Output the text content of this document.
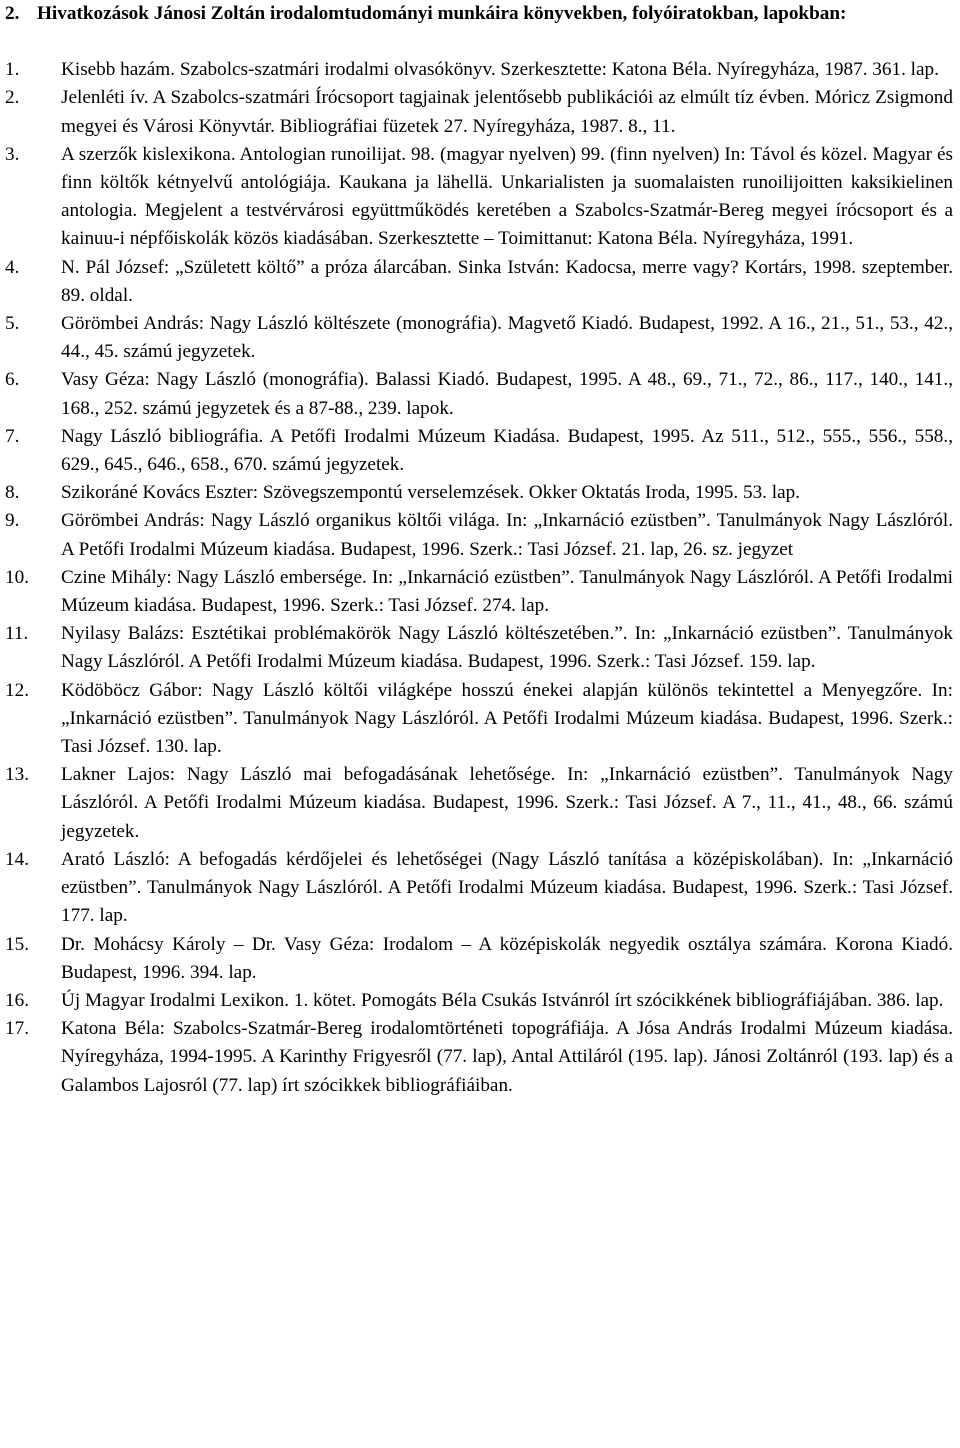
2. Hivatkozások Jánosi Zoltán irodalomtudományi munkáira könyvekben, folyóiratokban, lapokban:
1.	Kisebb hazám. Szabolcs-szatmári irodalmi olvasókönyv. Szerkesztette: Katona Béla. Nyíregyháza, 1987. 361. lap.
2.	Jelenléti ív. A Szabolcs-szatmári Írócsoport tagjainak jelentősebb publikációi az elmúlt tíz évben. Móricz Zsigmond megyei és Városi Könyvtár. Bibliográfiai füzetek 27. Nyíregyháza, 1987. 8., 11.
3.	A szerzők kislexikona. Antologian runoilijat. 98. (magyar nyelven) 99. (finn nyelven) In: Távol és közel. Magyar és finn költők kétnyelvű antológiája. Kaukana ja lähellä. Unkarialisten ja suomalaisten runoilijoitten kaksikielinen antologia. Megjelent a testvérvárosi együttműködés keretében a Szabolcs-Szatmár-Bereg megyei írócsoport és a kainuu-i népfőiskolák közös kiadásában. Szerkesztette – Toimittanut: Katona Béla. Nyíregyháza, 1991.
4.	N. Pál József: „Született költő” a próza álarcában. Sinka István: Kadocsa, merre vagy? Kortárs, 1998. szeptember. 89. oldal.
5.	Görömbei András: Nagy László költészete (monográfia). Magvető Kiadó. Budapest, 1992. A 16., 21., 51., 53., 42., 44., 45. számú jegyzetek.
6.	Vasy Géza: Nagy László (monográfia). Balassi Kiadó. Budapest, 1995. A 48., 69., 71., 72., 86., 117., 140., 141., 168., 252. számú jegyzetek és a 87-88., 239. lapok.
7.	Nagy László bibliográfia. A Petőfi Irodalmi Múzeum Kiadása. Budapest, 1995. Az 511., 512., 555., 556., 558., 629., 645., 646., 658., 670. számú jegyzetek.
8.	Szikoráné Kovács Eszter: Szövegszempontú verselemzések. Okker Oktatás Iroda, 1995. 53. lap.
9.	Görömbei András: Nagy László organikus költői világa. In: „Inkarnáció ezüstben”. Tanulmányok Nagy Lászlóról. A Petőfi Irodalmi Múzeum kiadása. Budapest, 1996. Szerk.: Tasi József. 21. lap, 26. sz. jegyzet
10.	Czine Mihály: Nagy László embersége. In: „Inkarnáció ezüstben”. Tanulmányok Nagy Lászlóról. A Petőfi Irodalmi Múzeum kiadása. Budapest, 1996. Szerk.: Tasi József. 274. lap.
11.	Nyilasy Balázs: Esztétikai problémakörök Nagy László költészetében.”. In: „Inkarnáció ezüstben”. Tanulmányok Nagy Lászlóról. A Petőfi Irodalmi Múzeum kiadása. Budapest, 1996. Szerk.: Tasi József. 159. lap.
12.	Ködöböcz Gábor: Nagy László költői világképe hosszú énekei alapján különös tekintettel a Menyegzőre. In: „Inkarnáció ezüstben”. Tanulmányok Nagy Lászlóról. A Petőfi Irodalmi Múzeum kiadása. Budapest, 1996. Szerk.: Tasi József. 130. lap.
13.	Lakner Lajos: Nagy László mai befogadásának lehetősége. In: „Inkarnáció ezüstben”. Tanulmányok Nagy Lászlóról. A Petőfi Irodalmi Múzeum kiadása. Budapest, 1996. Szerk.: Tasi József. A 7., 11., 41., 48., 66. számú jegyzetek.
14.	Arató László: A befogadás kérdőjelei és lehetőségei (Nagy László tanítása a középiskolában). In: „Inkarnáció ezüstben”. Tanulmányok Nagy Lászlóról. A Petőfi Irodalmi Múzeum kiadása. Budapest, 1996. Szerk.: Tasi József. 177. lap.
15.	Dr. Mohácsy Károly – Dr. Vasy Géza: Irodalom – A középiskolák negyedik osztálya számára. Korona Kiadó. Budapest, 1996. 394. lap.
16.	Új Magyar Irodalmi Lexikon. 1. kötet. Pomogáts Béla Csukás Istvánról írt szócikkének bibliográfiájában. 386. lap.
17.	Katona Béla: Szabolcs-Szatmár-Bereg irodalomtörténeti topográfiája. A Jósa András Irodalmi Múzeum kiadása. Nyíregyháza, 1994-1995. A Karinthy Frigyesről (77. lap), Antal Attiláról (195. lap). Jánosi Zoltánról (193. lap) és a Galambos Lajosról (77. lap) írt szócikkek bibliográfiáiban.
